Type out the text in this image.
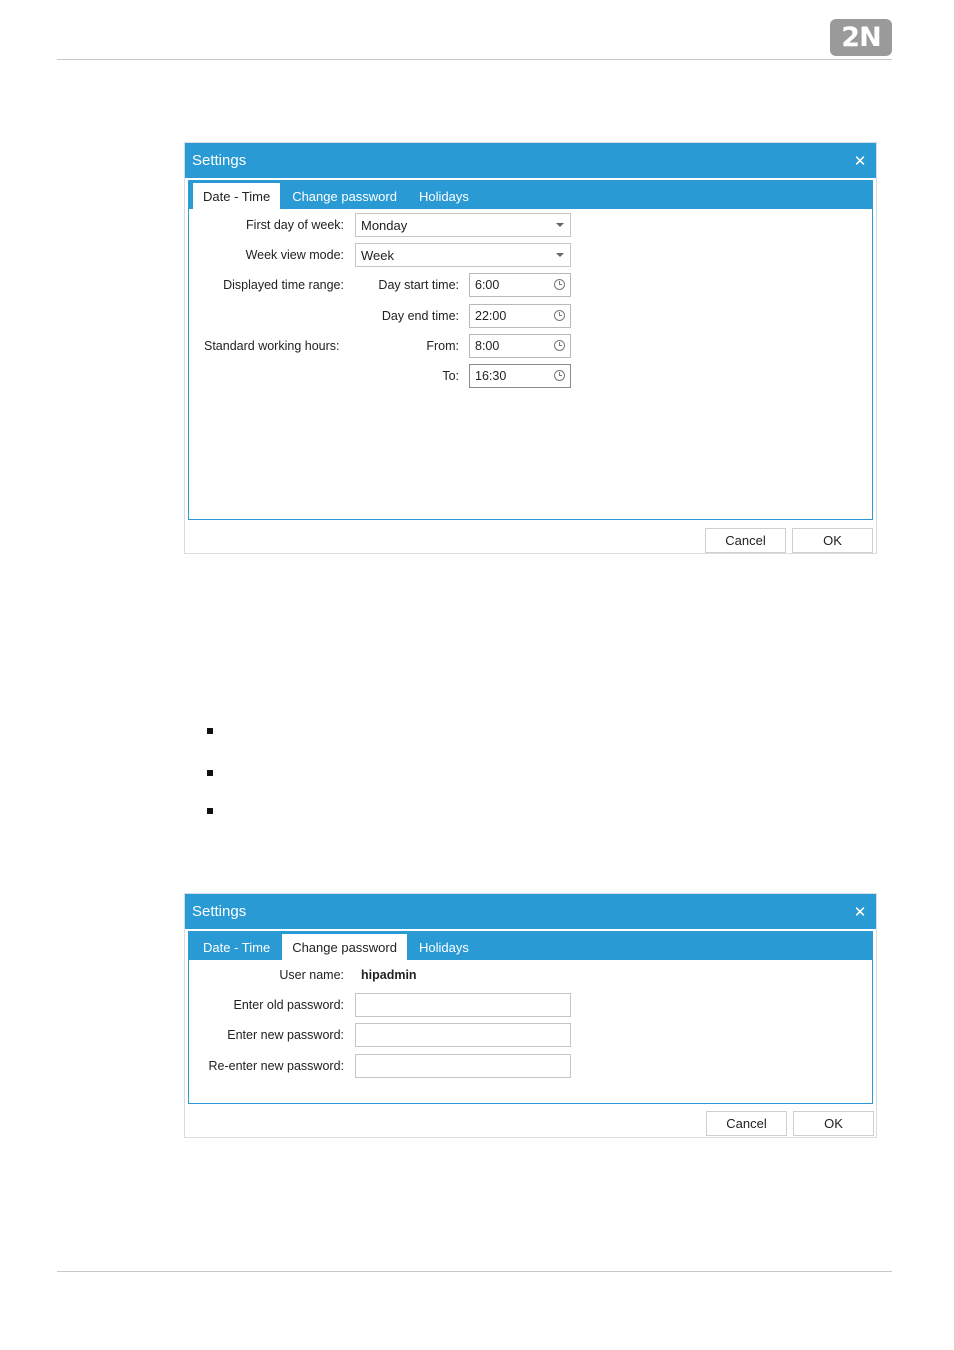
2N
Settings	✕
Date - Time	Change password	Holidays
First day of week: Monday
Week view mode: Week
Displayed time range:	Day start time: 6:00
Day end time: 22:00
Standard working hours:	From: 8:00
To: 16:30
Cancel	OK
Settings	✕
Date - Time	Change password	Holidays
User name: hipadmin
Enter old password:
Enter new password:
Re-enter new password:
Cancel	OK
